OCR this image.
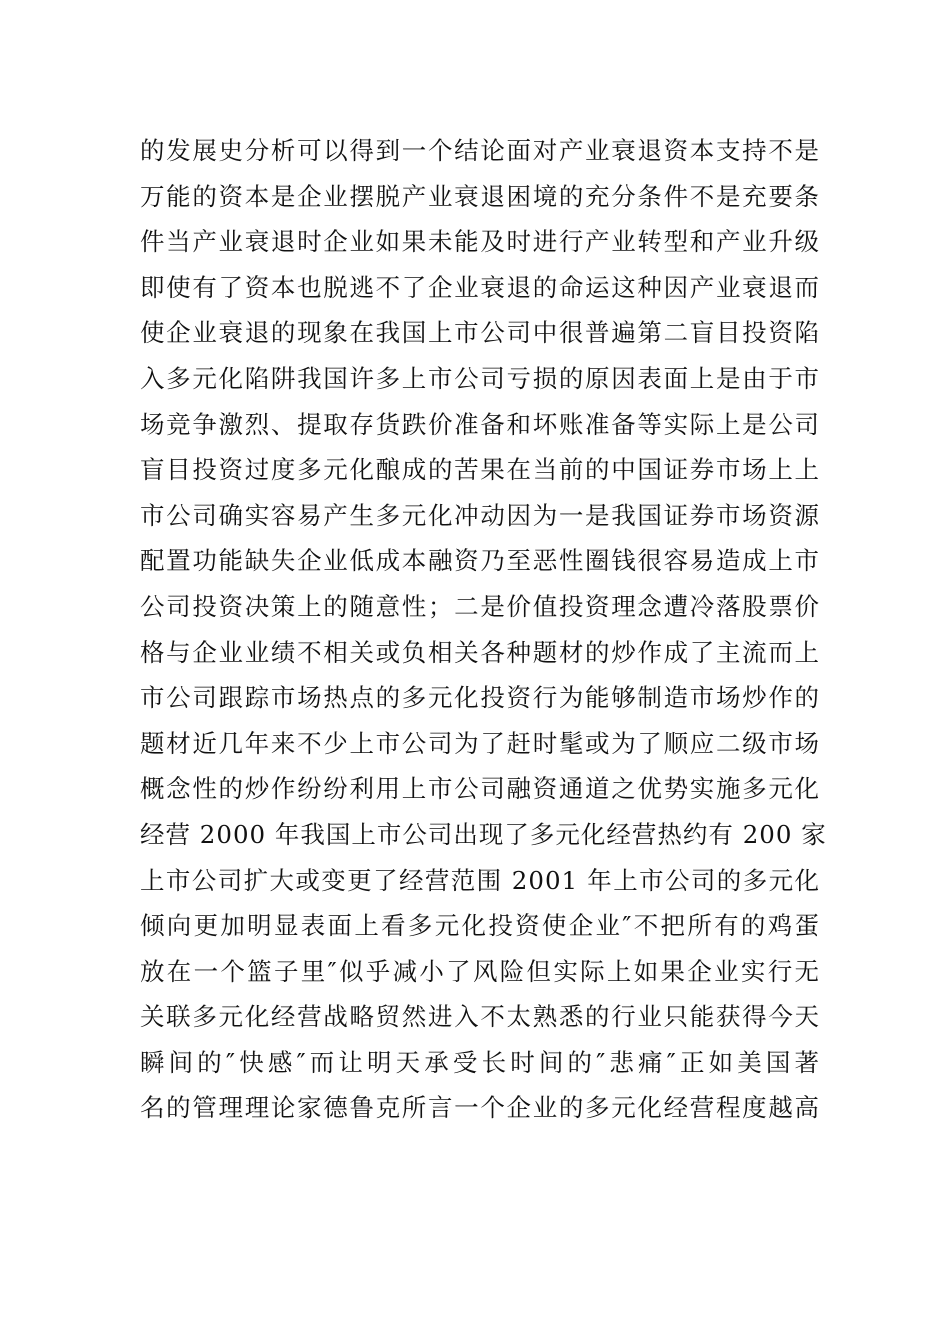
的发展史分析可以得到一个结论面对产业衰退资本支持不是
万能的资本是企业摆脱产业衰退困境的充分条件不是充要条
件当产业衰退时企业如果未能及时进行产业转型和产业升级
即使有了资本也脱逃不了企业衰退的命运这种因产业衰退而
使企业衰退的现象在我国上市公司中很普遍第二盲目投资陷
入多元化陷阱我国许多上市公司亏损的原因表面上是由于市
场竞争激烈、提取存货跌价准备和坏账准备等实际上是公司
盲目投资过度多元化酿成的苦果在当前的中国证券市场上上
市公司确实容易产生多元化冲动因为一是我国证券市场资源
配置功能缺失企业低成本融资乃至恶性圈钱很容易造成上市
公司投资决策上的随意性；二是价值投资理念遭冷落股票价
格与企业业绩不相关或负相关各种题材的炒作成了主流而上
市公司跟踪市场热点的多元化投资行为能够制造市场炒作的
题材近几年来不少上市公司为了赶时髦或为了顺应二级市场
概念性的炒作纷纷利用上市公司融资通道之优势实施多元化
经营 2000 年我国上市公司出现了多元化经营热约有 200 家
上市公司扩大或变更了经营范围 2001 年上市公司的多元化
倾向更加明显表面上看多元化投资使企业″不把所有的鸡蛋
放在一个篮子里″似乎减小了风险但实际上如果企业实行无
关联多元化经营战略贸然进入不太熟悉的行业只能获得今天
瞬间的″快感″而让明天承受长时间的″悲痛″正如美国著
名的管理理论家德鲁克所言一个企业的多元化经营程度越高
